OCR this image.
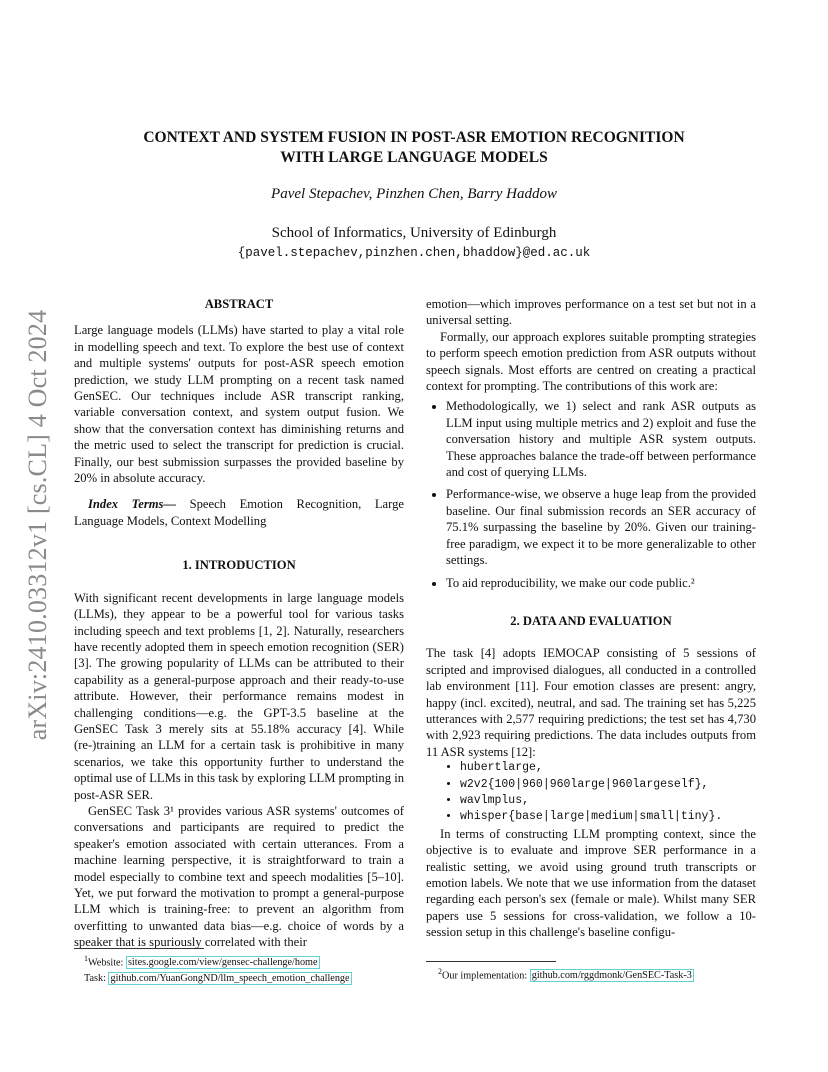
arXiv:2410.03312v1 [cs.CL] 4 Oct 2024
CONTEXT AND SYSTEM FUSION IN POST-ASR EMOTION RECOGNITION
WITH LARGE LANGUAGE MODELS
Pavel Stepachev, Pinzhen Chen, Barry Haddow
School of Informatics, University of Edinburgh
{pavel.stepachev,pinzhen.chen,bhaddow}@ed.ac.uk

ABSTRACT

Large language models (LLMs) have started to play a vital role in modelling speech and text. To explore the best use of context and multiple systems' outputs for post-ASR speech emotion prediction, we study LLM prompting on a recent task named GenSEC. Our techniques include ASR transcript ranking, variable conversation context, and system output fusion. We show that the conversation context has diminishing returns and the metric used to select the transcript for prediction is crucial. Finally, our best submission surpasses the provided baseline by 20% in absolute accuracy.

Index Terms— Speech Emotion Recognition, Large Language Models, Context Modelling

1. INTRODUCTION

With significant recent developments in large language models (LLMs), they appear to be a powerful tool for various tasks including speech and text problems [1, 2]. Naturally, researchers have recently adopted them in speech emotion recognition (SER) [3]. The growing popularity of LLMs can be attributed to their capability as a general-purpose approach and their ready-to-use attribute. However, their performance remains modest in challenging conditions—e.g. the GPT-3.5 baseline at the GenSEC Task 3 merely sits at 55.18% accuracy [4]. While (re-)training an LLM for a certain task is prohibitive in many scenarios, we take this opportunity further to understand the optimal use of LLMs in this task by exploring LLM prompting in post-ASR SER.

GenSEC Task 3¹ provides various ASR systems' outcomes of conversations and participants are required to predict the speaker's emotion associated with certain utterances. From a machine learning perspective, it is straightforward to train a model especially to combine text and speech modalities [5–10]. Yet, we put forward the motivation to prompt a general-purpose LLM which is training-free: to prevent an algorithm from overfitting to unwanted data bias—e.g. choice of words by a speaker that is spuriously correlated with their

emotion—which improves performance on a test set but not in a universal setting.

Formally, our approach explores suitable prompting strategies to perform speech emotion prediction from ASR outputs without speech signals. Most efforts are centred on creating a practical context for prompting. The contributions of this work are:

• Methodologically, we 1) select and rank ASR outputs as LLM input using multiple metrics and 2) exploit and fuse the conversation history and multiple ASR system outputs. These approaches balance the trade-off between performance and cost of querying LLMs.
• Performance-wise, we observe a huge leap from the provided baseline. Our final submission records an SER accuracy of 75.1% surpassing the baseline by 20%. Given our training-free paradigm, we expect it to be more generalizable to other settings.
• To aid reproducibility, we make our code public.²

2. DATA AND EVALUATION

The task [4] adopts IEMOCAP consisting of 5 sessions of scripted and improvised dialogues, all conducted in a controlled lab environment [11]. Four emotion classes are present: angry, happy (incl. excited), neutral, and sad. The training set has 5,225 utterances with 2,577 requiring predictions; the test set has 4,730 with 2,923 requiring predictions. The data includes outputs from 11 ASR systems [12]:

• hubertlarge,
• w2v2{100|960|960large|960largeself},
• wavlmplus,
• whisper{base|large|medium|small|tiny}.

In terms of constructing LLM prompting context, since the objective is to evaluate and improve SER performance in a realistic setting, we avoid using ground truth transcripts or emotion labels. We note that we use information from the dataset regarding each person's sex (female or male). Whilst many SER papers use 5 sessions for cross-validation, we follow a 10-session setup in this challenge's baseline configu-

$^1$Website: sites.google.com/view/gensec-challenge/home
Task: github.com/YuanGongND/llm_speech_emotion_challenge
$^2$Our implementation: github.com/rggdmonk/GenSEC-Task-3
